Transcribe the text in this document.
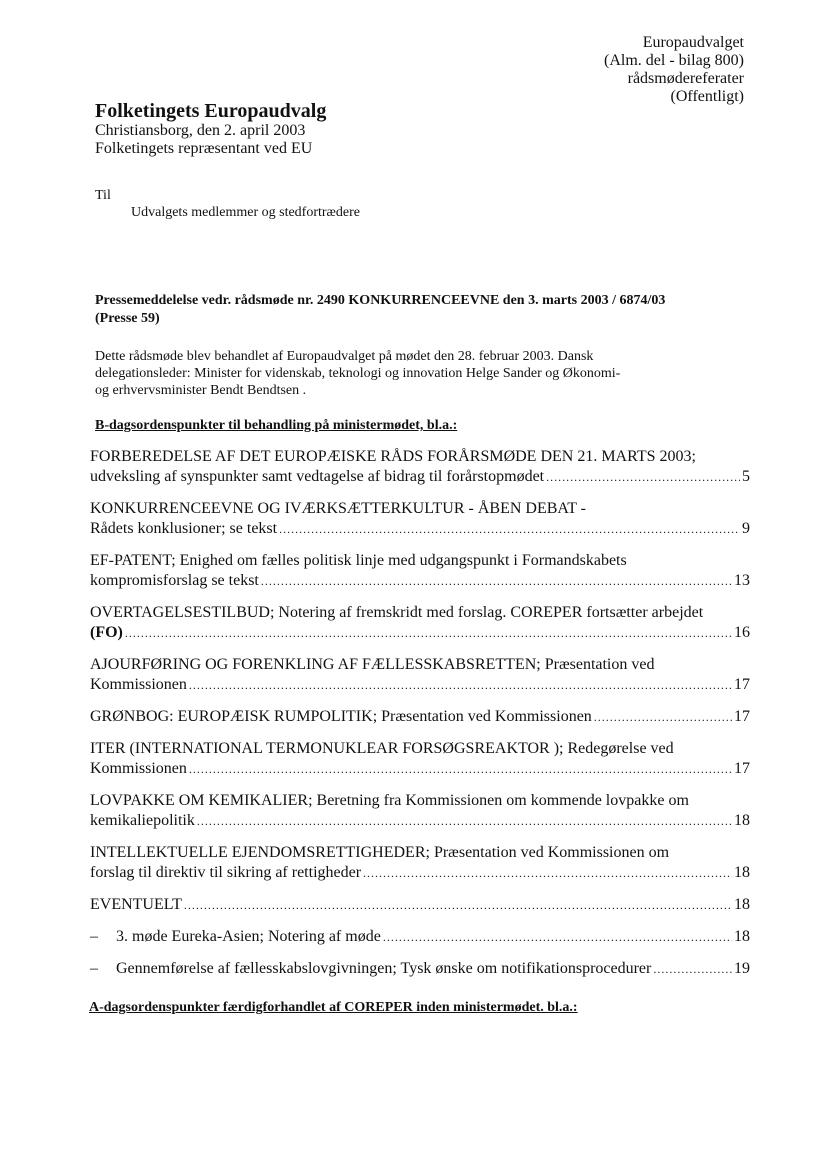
Europaudvalget
(Alm. del - bilag 800)
rådsmødereferater
(Offentligt)
Folketingets Europaudvalg
Christiansborg, den 2. april 2003
Folketingets repræsentant ved EU
Til
Udvalgets medlemmer og stedfortrædere
Pressemeddelelse vedr. rådsmøde nr. 2490 KONKURRENCEEVNE den 3. marts 2003 / 6874/03
(Presse 59)
Dette rådsmøde blev behandlet af Europaudvalget på mødet den 28. februar 2003. Dansk
delegationsleder: Minister for videnskab, teknologi og innovation Helge Sander og Økonomi-
og erhvervsminister Bendt Bendtsen .
B-dagsordenspunkter til behandling på ministermødet, bl.a.:
FORBEREDELSE AF DET EUROPÆISKE RÅDS FORÅRSMØDE DEN 21. MARTS 2003;
udveksling af synspunkter samt vedtagelse af bidrag til forårstopmødet .....	5
KONKURRENCEEVNE OG IVÆRKSÆTTERKULTUR - ÅBEN DEBAT -
Rådets konklusioner; se tekst .....	9
EF-PATENT; Enighed om fælles politisk linje med udgangspunkt i Formandskabets
kompromisforslag se tekst .....	13
OVERTAGELSESTILBUD; Notering af fremskridt med forslag. COREPER fortsætter arbejdet
(FO) .....	16
AJOURFØRING OG FORENKLING AF FÆLLESSKABSRETTEN; Præsentation ved
Kommissionen .....	17
GRØNBOG: EUROPÆISK RUMPOLITIK; Præsentation ved Kommissionen .....	17
ITER (INTERNATIONAL TERMONUKLEAR FORSØGSREAKTOR ); Redegørelse ved
Kommissionen .....	17
LOVPAKKE OM KEMIKALIER; Beretning fra Kommissionen om kommende lovpakke om
kemikaliepolitik .....	18
INTELLEKTUELLE EJENDOMSRETTIGHEDER; Præsentation ved Kommissionen om
forslag til direktiv til sikring af rettigheder .....	18
EVENTUELT .....	18
–	3. møde Eureka-Asien; Notering af møde .....	18
–	Gennemførelse af fællesskabslovgivningen; Tysk ønske om notifikationsprocedurer .....	19
A-dagsordenspunkter færdigforhandlet af COREPER inden ministermødet. bl.a.:
